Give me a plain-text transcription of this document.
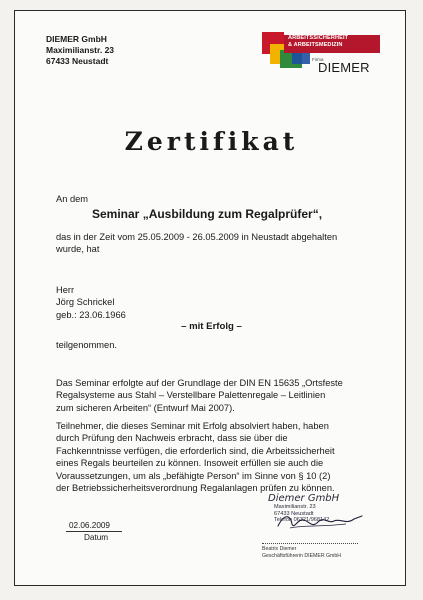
DIEMER GmbH
Maximilianstr. 23
67433 Neustadt
ARBEITSSICHERHEIT
& ARBEITSMEDIZIN
Firma
DIEMER
Zertifikat
An dem
Seminar „Ausbildung zum Regalprüfer“,
das in der Zeit vom 25.05.2009 - 26.05.2009 in Neustadt abgehalten
wurde, hat
Herr
Jörg Schrickel
geb.: 23.06.1966
– mit Erfolg –
teilgenommen.
Das Seminar erfolgte auf der Grundlage der DIN EN 15635 „Ortsfeste
Regalsysteme aus Stahl – Verstellbare Palettenregale – Leitlinien
zum sicheren Arbeiten“ (Entwurf Mai 2007).
Teilnehmer, die dieses Seminar mit Erfolg absolviert haben, haben
durch Prüfung den Nachweis erbracht, dass sie über die
Fachkenntnisse verfügen, die erforderlich sind, die Arbeitssicherheit
eines Regals beurteilen zu können. Insoweit erfüllen sie auch die
Voraussetzungen, um als „befähigte Person“ im Sinne von § 10 (2)
der Betriebssicherheitsverordnung Regalanlagen prüfen zu können.
Diemer GmbH
Maximilianstr. 23
67433 Neustadt
Telefon 06321/968142
Beatrix Diemer
Geschäftsführerin DIEMER GmbH
02.06.2009
Datum
